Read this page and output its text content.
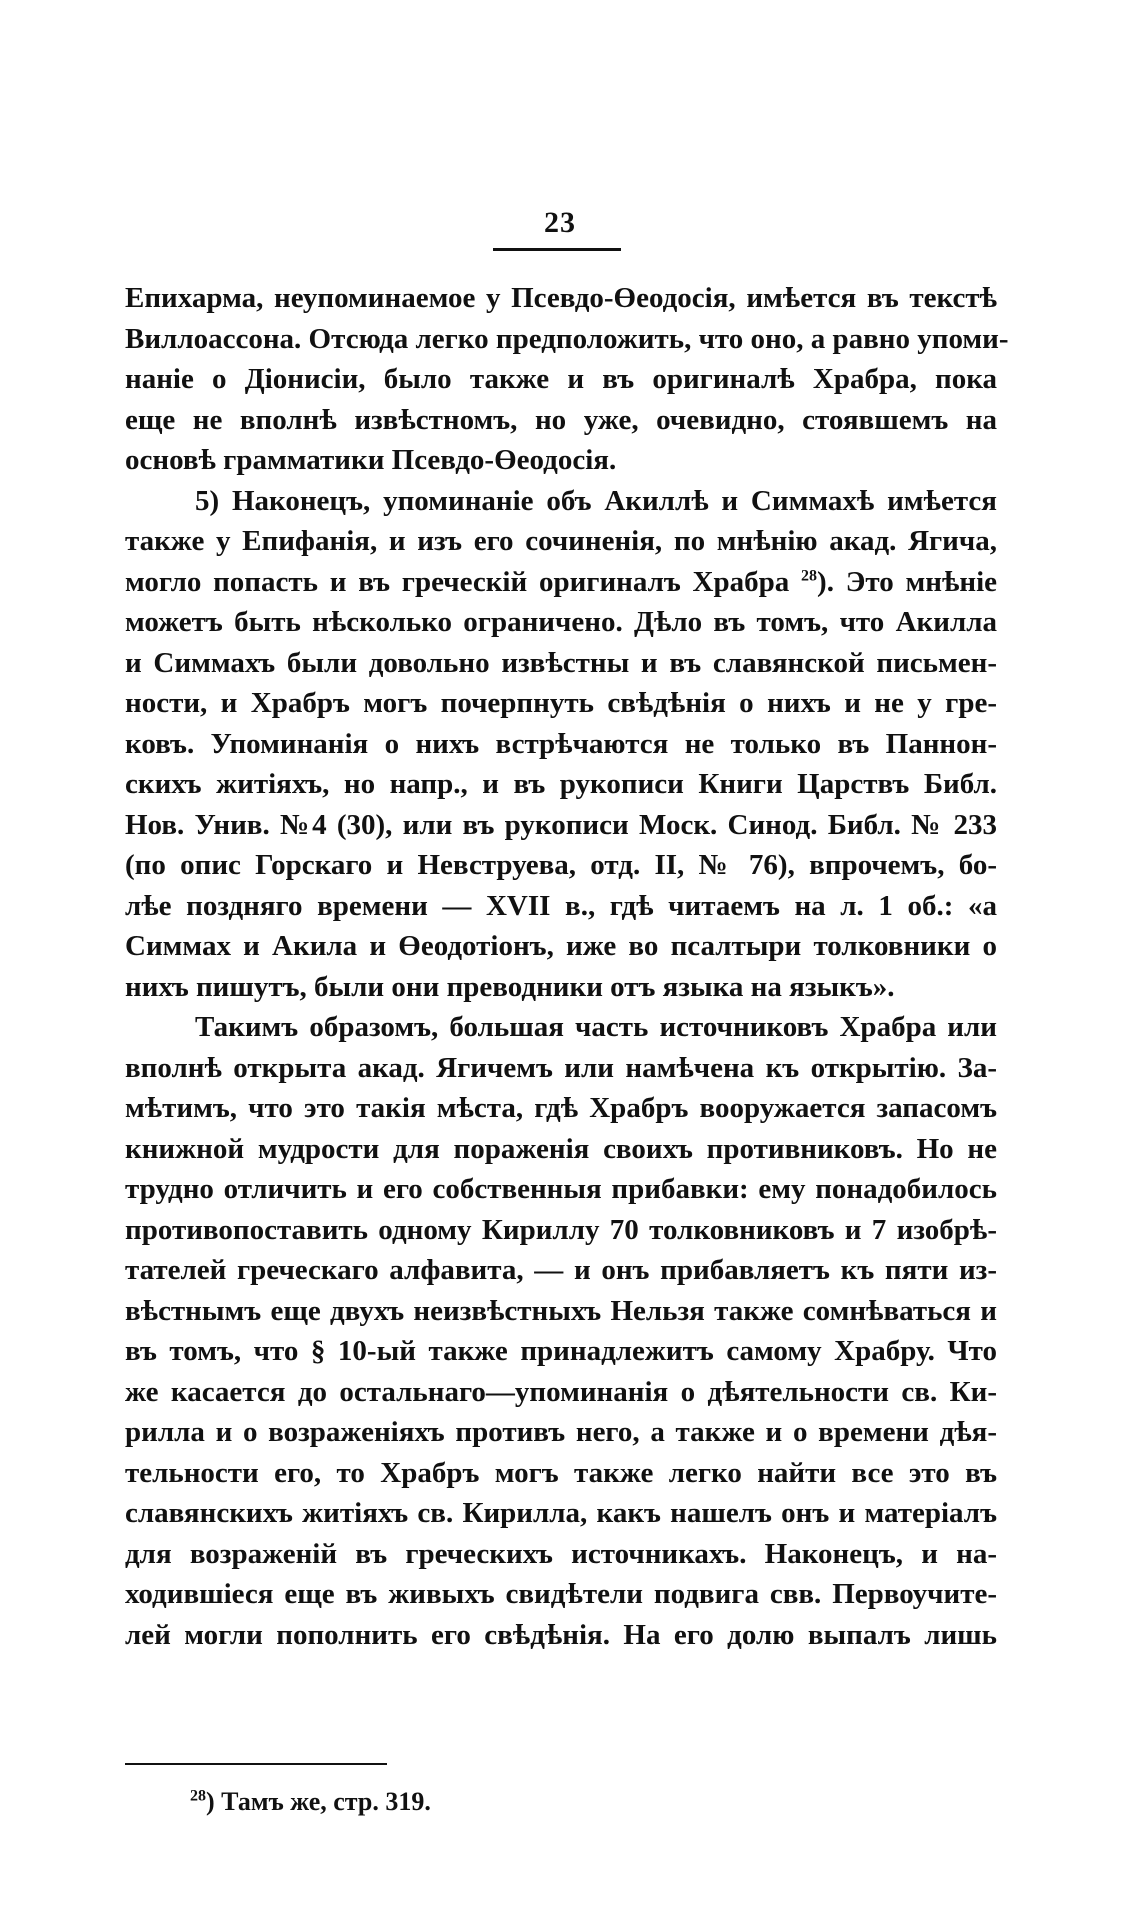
23
Епихарма, неупоминаемое у Псевдо-Өеодосія, имѣется въ текстѣ
Виллоассона. Отсюда легко предположить, что оно, а равно упоми-
наніе о Діонисіи, было также и въ оригиналѣ Храбра, пока
еще не вполнѣ извѣстномъ, но уже, очевидно, стоявшемъ на
основѣ грамматики Псевдо-Өеодосія.
5) Наконецъ, упоминаніе объ Акиллѣ и Симмахѣ имѣется
также у Епифанія, и изъ его сочиненія, по мнѣнію акад. Ягича,
могло попасть и въ греческій оригиналъ Храбра $^{28}$). Это мнѣніе
можетъ быть нѣсколько ограничено. Дѣло въ томъ, что Акилла
и Симмахъ были довольно извѣстны и въ славянской письмен-
ности, и Храбръ могъ почерпнуть свѣдѣнія о нихъ и не у гре-
ковъ. Упоминанія о нихъ встрѣчаются не только въ Паннон-
скихъ житіяхъ, но напр., и въ рукописи Книги Царствъ Библ.
Нов. Унив. №4 (30), или въ рукописи Моск. Синод. Библ. № 233
(по опис Горскаго и Невструева, отд. II, № 76), впрочемъ, бо-
лѣе поздняго времени — XVII в., гдѣ читаемъ на л. 1 об.: «а
Симмах и Акила и Өеодотіонъ, иже во псалтыри толковники о
нихъ пишутъ, были они преводники отъ языка на языкъ».
Такимъ образомъ, большая часть источниковъ Храбра или
вполнѣ открыта акад. Ягичемъ или намѣчена къ открытію. За-
мѣтимъ, что это такія мѣста, гдѣ Храбръ вооружается запасомъ
книжной мудрости для пораженія своихъ противниковъ. Но не
трудно отличить и его собственныя прибавки: ему понадобилось
противопоставить одному Кириллу 70 толковниковъ и 7 изобрѣ-
тателей греческаго алфавита, — и онъ прибавляетъ къ пяти из-
вѣстнымъ еще двухъ неизвѣстныхъ Нельзя также сомнѣваться и
въ томъ, что § 10-ый также принадлежитъ самому Храбру. Что
же касается до остальнаго—упоминанія о дѣятельности св. Ки-
рилла и о возраженіяхъ противъ него, а также и о времени дѣя-
тельности его, то Храбръ могъ также легко найти все это въ
славянскихъ житіяхъ св. Кирилла, какъ нашелъ онъ и матеріалъ
для возраженій въ греческихъ источникахъ. Наконецъ, и на-
ходившіеся еще въ живыхъ свидѣтели подвига свв. Первоучите-
лей могли пополнить его свѣдѣнія. На его долю выпалъ лишь
$^{28}$) Тамъ же, стр. 319.
